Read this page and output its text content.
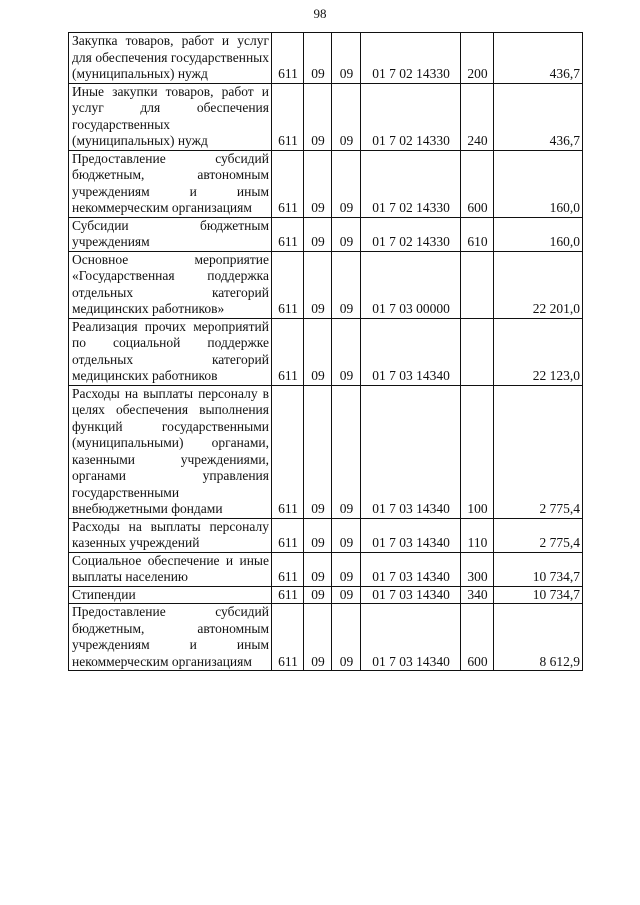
98
Закупка товаров, работ и услуг для обеспечения государственных (муниципальных) нужд	611	09	09	01 7 02 14330	200	436,7
Иные закупки товаров, работ и услуг для обеспечения государственных (муниципальных) нужд	611	09	09	01 7 02 14330	240	436,7
Предоставление субсидий бюджетным, автономным учреждениям и иным некоммерческим организациям	611	09	09	01 7 02 14330	600	160,0
Субсидии бюджетным учреждениям	611	09	09	01 7 02 14330	610	160,0
Основное мероприятие «Государственная поддержка отдельных категорий медицинских работников»	611	09	09	01 7 03 00000		22 201,0
Реализация прочих мероприятий по социальной поддержке отдельных категорий медицинских работников	611	09	09	01 7 03 14340		22 123,0
Расходы на выплаты персоналу в целях обеспечения выполнения функций государственными (муниципальными) органами, казенными учреждениями, органами управления государственными внебюджетными фондами	611	09	09	01 7 03 14340	100	2 775,4
Расходы на выплаты персоналу казенных учреждений	611	09	09	01 7 03 14340	110	2 775,4
Социальное обеспечение и иные выплаты населению	611	09	09	01 7 03 14340	300	10 734,7
Стипендии	611	09	09	01 7 03 14340	340	10 734,7
Предоставление субсидий бюджетным, автономным учреждениям и иным некоммерческим организациям	611	09	09	01 7 03 14340	600	8 612,9
